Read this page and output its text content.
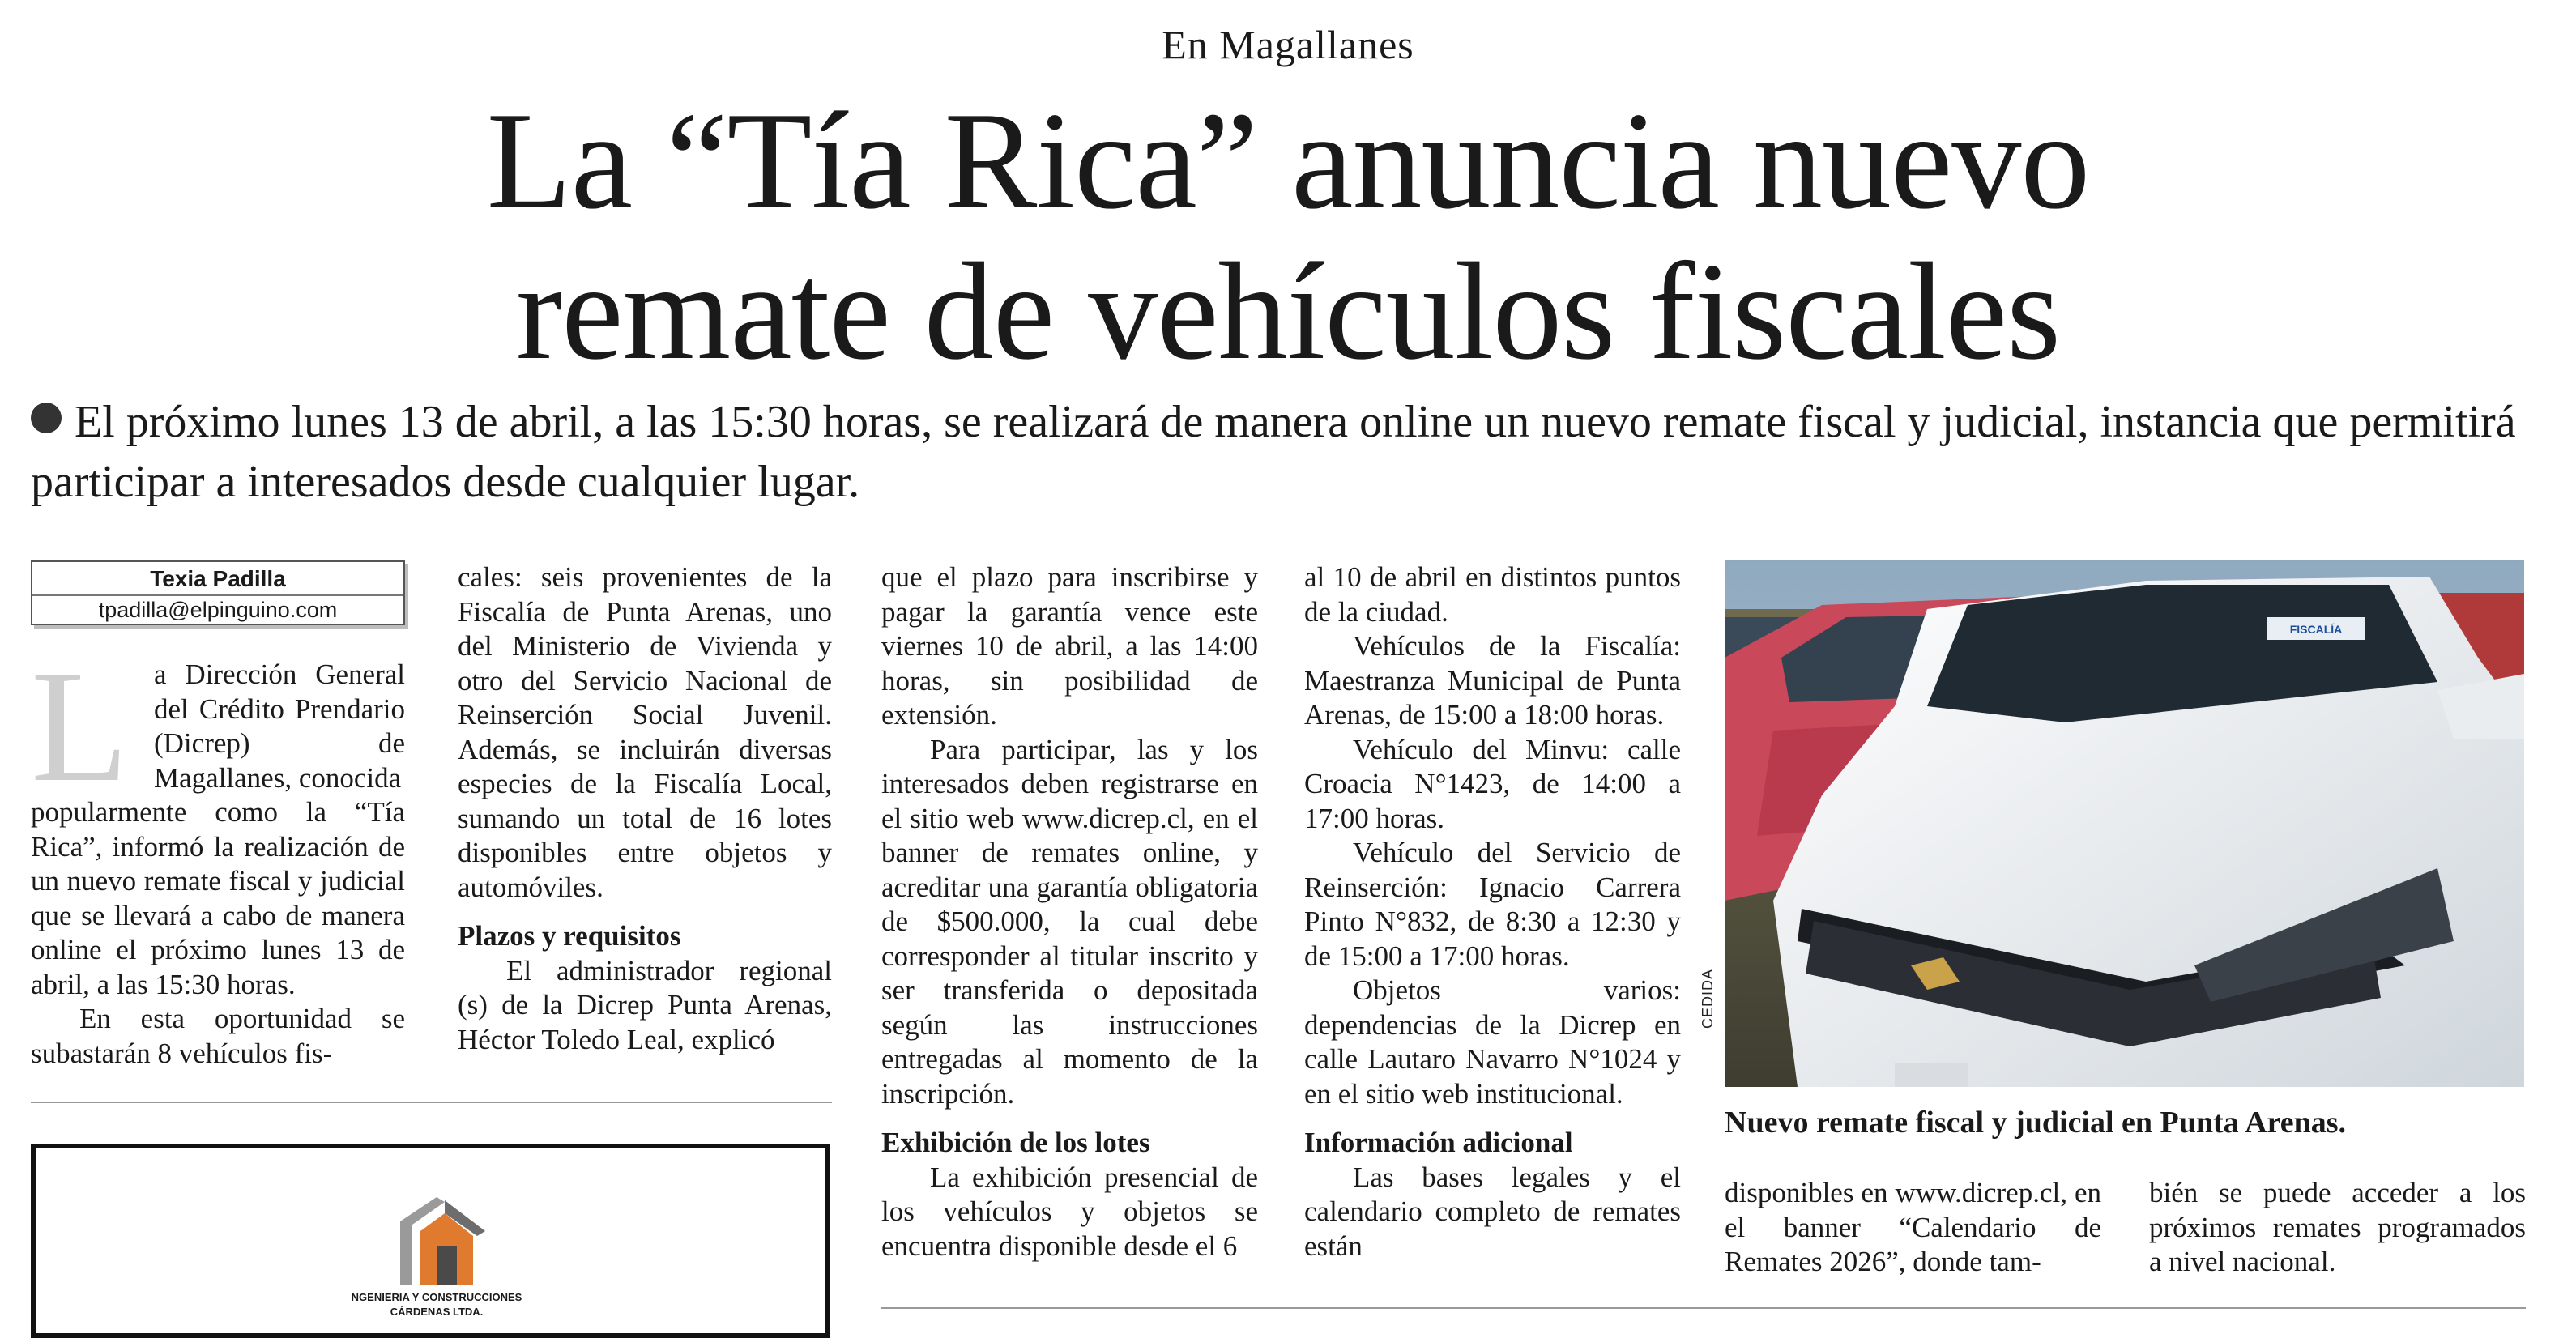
En Magallanes
La “Tía Rica” anuncia nuevo
remate de vehículos fiscales
El próximo lunes 13 de abril, a las 15:30 horas, se realizará de manera online un nuevo remate fiscal y judicial, instancia que permitirá participar a interesados desde cualquier lugar.
Texia Padilla
tpadilla@elpinguino.com
L a Dirección General del Crédito Prendario (Dicrep) de Magallanes, conocida

popularmente como la “Tía Rica”, informó la realización de un nuevo remate fiscal y judicial que se llevará a cabo de manera online el próximo lunes 13 de abril, a las 15:30 horas.

En esta oportunidad se subastarán 8 vehículos fis-

cales: seis provenientes de la Fiscalía de Punta Arenas, uno del Ministerio de Vivienda y otro del Servicio Nacional de Reinserción Social Juvenil. Además, se incluirán diversas especies de la Fiscalía Local, sumando un total de 16 lotes disponibles entre objetos y automóviles.

Plazos y requisitos

El administrador regional (s) de la Dicrep Punta Arenas, Héctor Toledo Leal, explicó

que el plazo para inscribirse y pagar la garantía vence este viernes 10 de abril, a las 14:00 horas, sin posibilidad de extensión.

Para participar, las y los interesados deben registrarse en el sitio web www.dicrep.cl, en el banner de remates online, y acreditar una garantía obligatoria de $500.000, la cual debe corresponder al titular inscrito y ser transferida o depositada según las instrucciones entregadas al momento de la inscripción.

Exhibición de los lotes

La exhibición presencial de los vehículos y objetos se encuentra disponible desde el 6

al 10 de abril en distintos puntos de la ciudad.

Vehículos de la Fiscalía: Maestranza Municipal de Punta Arenas, de 15:00 a 18:00 horas.

Vehículo del Minvu: calle Croacia N°1423, de 14:00 a 17:00 horas.

Vehículo del Servicio de Reinserción: Ignacio Carrera Pinto N°832, de 8:30 a 12:30 y de 15:00 a 17:00 horas.

Objetos varios: dependencias de la Dicrep en calle Lautaro Navarro N°1024 y en el sitio web institucional.

Información adicional

Las bases legales y el calendario completo de remates están

FISCALÍA
CEDIDA
Nuevo remate fiscal y judicial en Punta Arenas.

disponibles en www.dicrep.cl, en el banner “Calendario de Remates 2026”, donde tam-

bién se puede acceder a los próximos remates programados a nivel nacional.

NGENIERIA Y CONSTRUCCIONES
CÁRDENAS LTDA.
